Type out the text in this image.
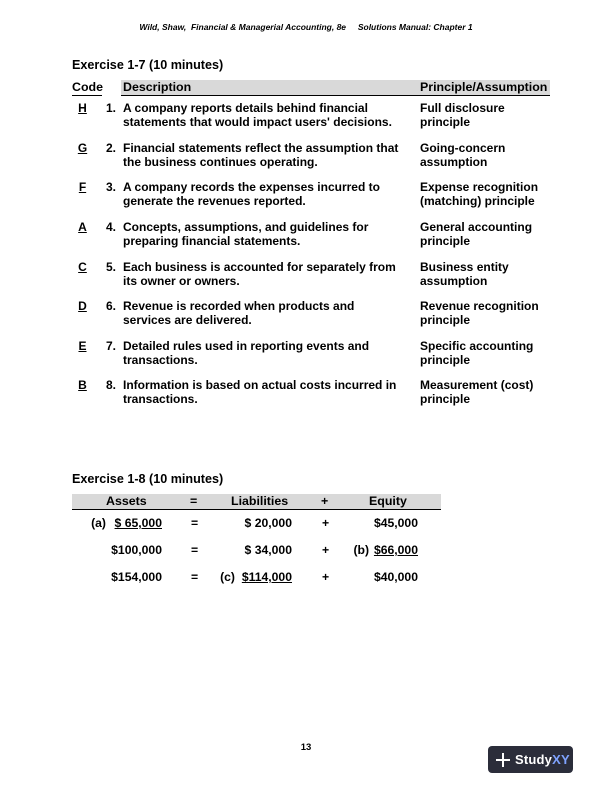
Wild, Shaw,  Financial & Managerial Accounting, 8e     Solutions Manual: Chapter 1
Exercise 1-7 (10 minutes)
Code Description	Principle/Assumption
H	1. A company reports details behind financial statements that would impact users' decisions.
Full disclosure principle
G	2. Financial statements reflect the assumption that the business continues operating.
Going-concern assumption
F	3. A company records the expenses incurred to generate the revenues reported.
Expense recognition (matching) principle
A	4. Concepts, assumptions, and guidelines for preparing financial statements.
General accounting principle
C	5. Each business is accounted for separately from its owner or owners.
Business entity assumption
D	6. Revenue is recorded when products and services are delivered.
Revenue recognition principle
E	7. Detailed rules used in reporting events and transactions.
Specific accounting principle
B	8. Information is based on actual costs incurred in transactions.
Measurement (cost) principle
Exercise 1-8 (10 minutes)
Assets	=	Liabilities	+	Equity
(a) $ 65,000 =	$ 20,000 +	$45,000
$100,000 =	$ 34,000 + (b) $66,000
$154,000 = (c) $114,000 +	$40,000
13
Study XY
